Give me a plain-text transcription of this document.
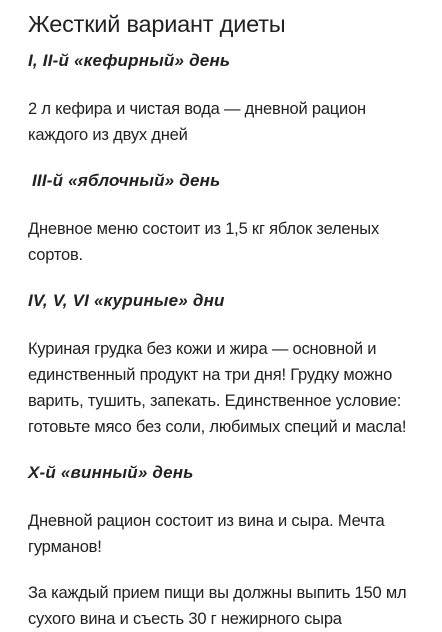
Жесткий вариант диеты
I, II-й «кефирный» день

2 л кефира и чистая вода — дневной рацион
каждого из двух дней

III-й «яблочный» день

Дневное меню состоит из 1,5 кг яблок зеленых
сортов.

IV, V, VI «куриные» дни

Куриная грудка без кожи и жира — основной и
единственный продукт на три дня! Грудку можно
варить, тушить, запекать. Единственное условие:
готовьте мясо без соли, любимых специй и масла!

X-й «винный» день

Дневной рацион состоит из вина и сыра. Мечта
гурманов!

За каждый прием пищи вы должны выпить 150 мл
сухого вина и съесть 30 г нежирного сыра
